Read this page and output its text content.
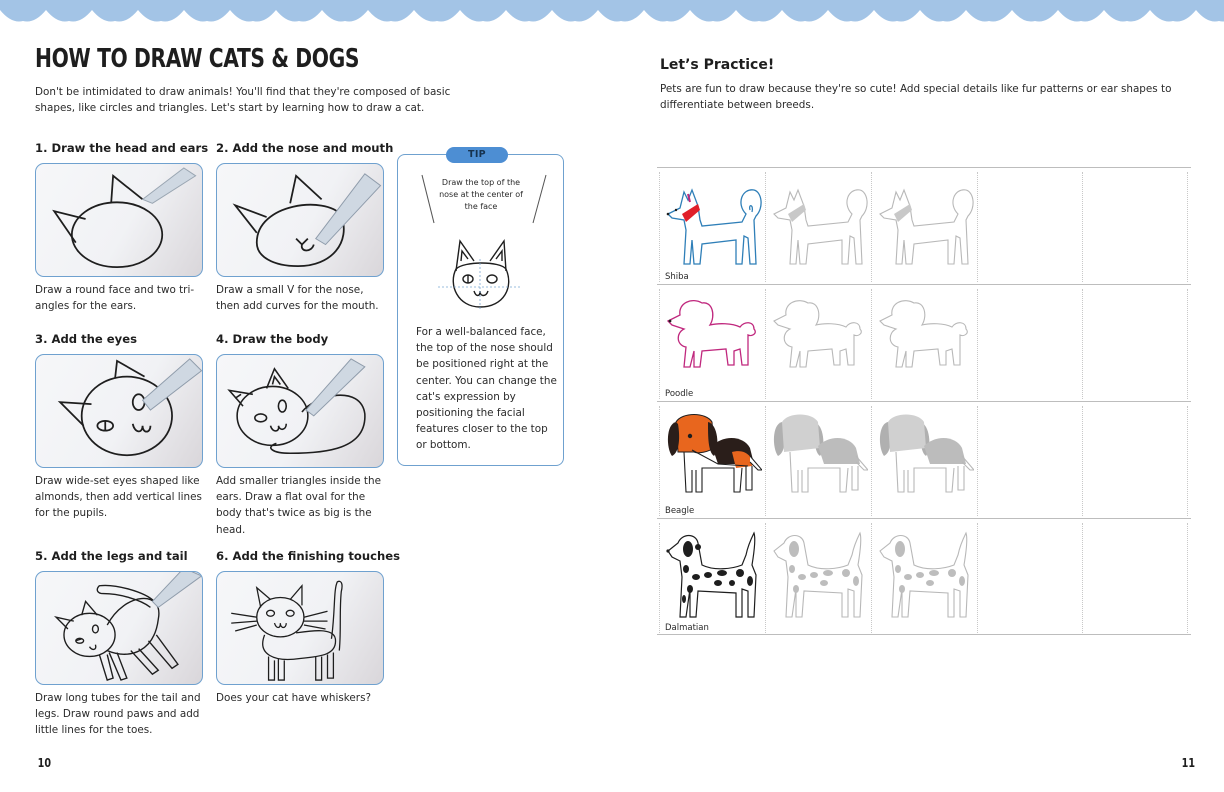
HOW TO DRAW CATS & DOGS

Don't be intimidated to draw animals! You'll find that they're composed of basic shapes, like circles and triangles. Let's start by learning how to draw a cat.

1. Draw the head and ears

Draw a round face and two tri-angles for the ears.

2. Add the nose and mouth

Draw a small V for the nose, then add curves for the mouth.

3. Add the eyes

Draw wide-set eyes shaped like almonds, then add vertical lines for the pupils.

4. Draw the body

Add smaller triangles inside the ears. Draw a flat oval for the body that's twice as big is the head.

5. Add the legs and tail

Draw long tubes for the tail and legs. Draw round paws and add little lines for the toes.

6. Add the finishing touches

Does your cat have whiskers?

TIP

Draw the top of the nose at the center of the face

For a well-balanced face, the top of the nose should be positioned right at the center. You can change the cat's expression by positioning the facial features closer to the top or bottom.

10
Let’s Practice!

Pets are fun to draw because they're so cute! Add special details like fur patterns or ear shapes to differentiate between breeds.

Shiba
Poodle
Beagle
Dalmatian
11
